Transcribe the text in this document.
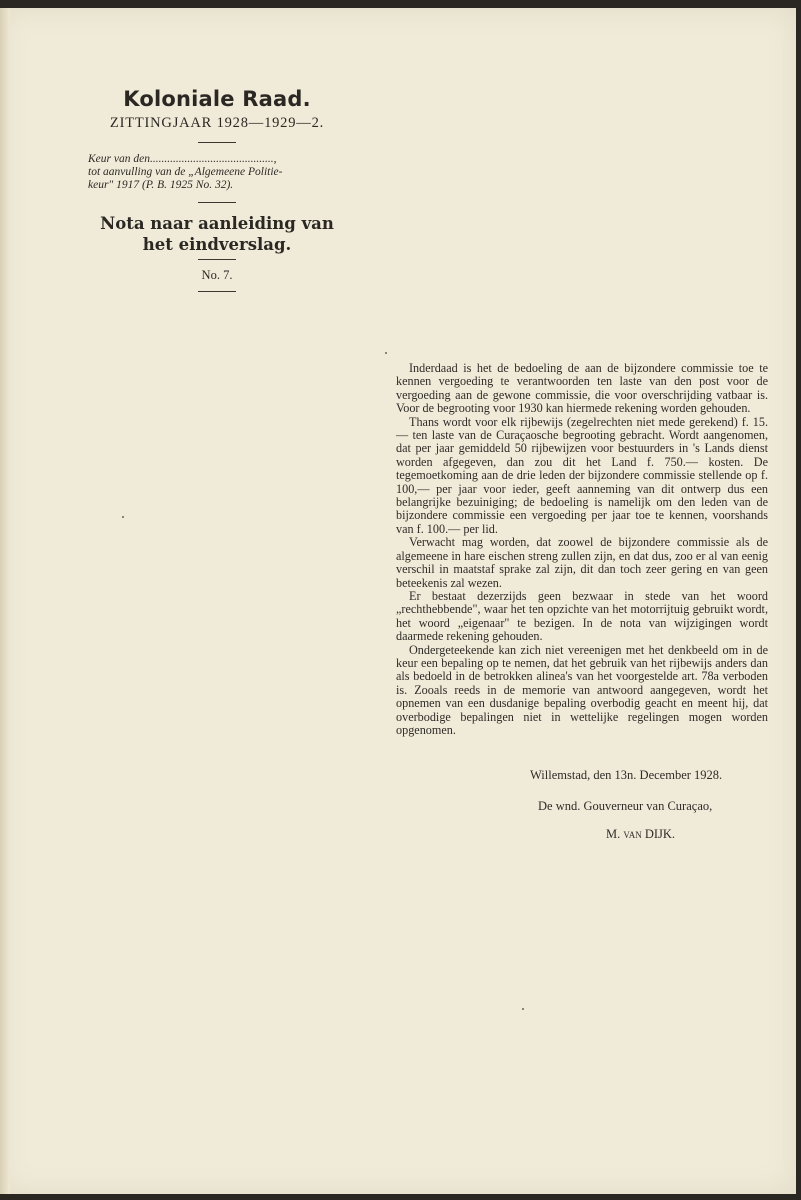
Koloniale Raad.
ZITTINGJAAR 1928—1929—2.
Keur van den...........................................,
tot aanvulling van de „Algemeene Politie-
keur" 1917 (P. B. 1925 No. 32).
Nota naar aanleiding van het eindverslag.
No. 7.

Inderdaad is het de bedoeling de aan de bijzondere commissie toe te kennen vergoeding te verantwoorden ten laste van den post voor de vergoeding aan de gewone commissie, die voor overschrijding vatbaar is. Voor de begrooting voor 1930 kan hiermede rekening worden gehouden.

Thans wordt voor elk rijbewijs (zegelrechten niet mede gerekend) f. 15.— ten laste van de Curaçaosche begrooting gebracht. Wordt aangenomen, dat per jaar gemiddeld 50 rijbewijzen voor bestuurders in 's Lands dienst worden afgegeven, dan zou dit het Land f. 750.— kosten. De tegemoetkoming aan de drie leden der bijzondere commissie stellende op f. 100,— per jaar voor ieder, geeft aanneming van dit ontwerp dus een belangrijke bezuiniging; de bedoeling is namelijk om den leden van de bijzondere commissie een vergoeding per jaar toe te kennen, voorshands van f. 100.— per lid.

Verwacht mag worden, dat zoowel de bijzondere commissie als de algemeene in hare eischen streng zullen zijn, en dat dus, zoo er al van eenig verschil in maatstaf sprake zal zijn, dit dan toch zeer gering en van geen beteekenis zal wezen.

Er bestaat dezerzijds geen bezwaar in stede van het woord „rechthebbende", waar het ten opzichte van het motorrijtuig gebruikt wordt, het woord „eigenaar" te bezigen. In de nota van wijzigingen wordt daarmede rekening gehouden.

Ondergeteekende kan zich niet vereenigen met het denkbeeld om in de keur een bepaling op te nemen, dat het gebruik van het rijbewijs anders dan als bedoeld in de betrokken alinea's van het voorgestelde art. 78a verboden is. Zooals reeds in de memorie van antwoord aangegeven, wordt het opnemen van een dusdanige bepaling overbodig geacht en meent hij, dat overbodige bepalingen niet in wettelijke regelingen mogen worden opgenomen.

Willemstad, den 13n. December 1928.
De wnd. Gouverneur van Curaçao,
M. van DIJK.
